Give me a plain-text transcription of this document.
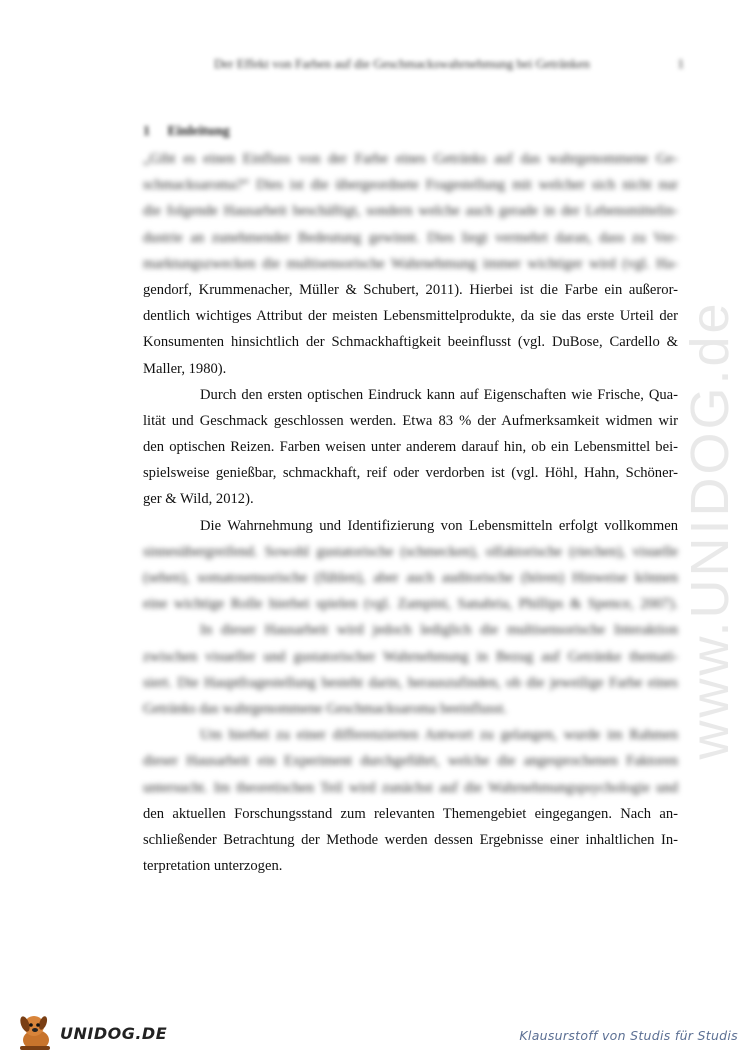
www.UNIDOG.de
Der Effekt von Farben auf die Geschmackswahrnehmung bei Getränken	1
1 Einleitung
„Gibt es einen Einfluss von der Farbe eines Getränks auf das wahrgenommene Ge-
schmacksaroma?“ Dies ist die übergeordnete Fragestellung mit welcher sich nicht nur
die folgende Hausarbeit beschäftigt, sondern welche auch gerade in der Lebensmittelin-
dustrie an zunehmender Bedeutung gewinnt. Dies liegt vermehrt daran, dass zu Ver-
marktungszwecken die multisensorische Wahrnehmung immer wichtiger wird (vgl. Ha-
gendorf, Krummenacher, Müller & Schubert, 2011). Hierbei ist die Farbe ein außeror-
dentlich wichtiges Attribut der meisten Lebensmittelprodukte, da sie das erste Urteil der
Konsumenten hinsichtlich der Schmackhaftigkeit beeinflusst (vgl. DuBose, Cardello &
Maller, 1980).
Durch den ersten optischen Eindruck kann auf Eigenschaften wie Frische, Qua-
lität und Geschmack geschlossen werden. Etwa 83 % der Aufmerksamkeit widmen wir
den optischen Reizen. Farben weisen unter anderem darauf hin, ob ein Lebensmittel bei-
spielsweise genießbar, schmackhaft, reif oder verdorben ist (vgl. Höhl, Hahn, Schöner-
ger & Wild, 2012).
Die Wahrnehmung und Identifizierung von Lebensmitteln erfolgt vollkommen
sinnesübergreifend. Sowohl gustatorische (schmecken), olfaktorische (riechen), visuelle
(sehen), somatosensorische (fühlen), aber auch auditorische (hören) Hinweise können
eine wichtige Rolle hierbei spielen (vgl. Zampini, Sanabria, Phillips & Spence, 2007).
In dieser Hausarbeit wird jedoch lediglich die multisensorische Interaktion
zwischen visueller und gustatorischer Wahrnehmung in Bezug auf Getränke themati-
siert. Die Hauptfragestellung besteht darin, herauszufinden, ob die jeweilige Farbe eines
Getränks das wahrgenommene Geschmacksaroma beeinflusst.
Um hierbei zu einer differenzierten Antwort zu gelangen, wurde im Rahmen
dieser Hausarbeit ein Experiment durchgeführt, welche die angesprochenen Faktoren
untersucht. Im theoretischen Teil wird zunächst auf die Wahrnehmungspsychologie und
den aktuellen Forschungsstand zum relevanten Themengebiet eingegangen. Nach an-
schließender Betrachtung der Methode werden dessen Ergebnisse einer inhaltlichen In-
terpretation unterzogen.
UNIDOG.DE	Klausurstoff von Studis für Studis
